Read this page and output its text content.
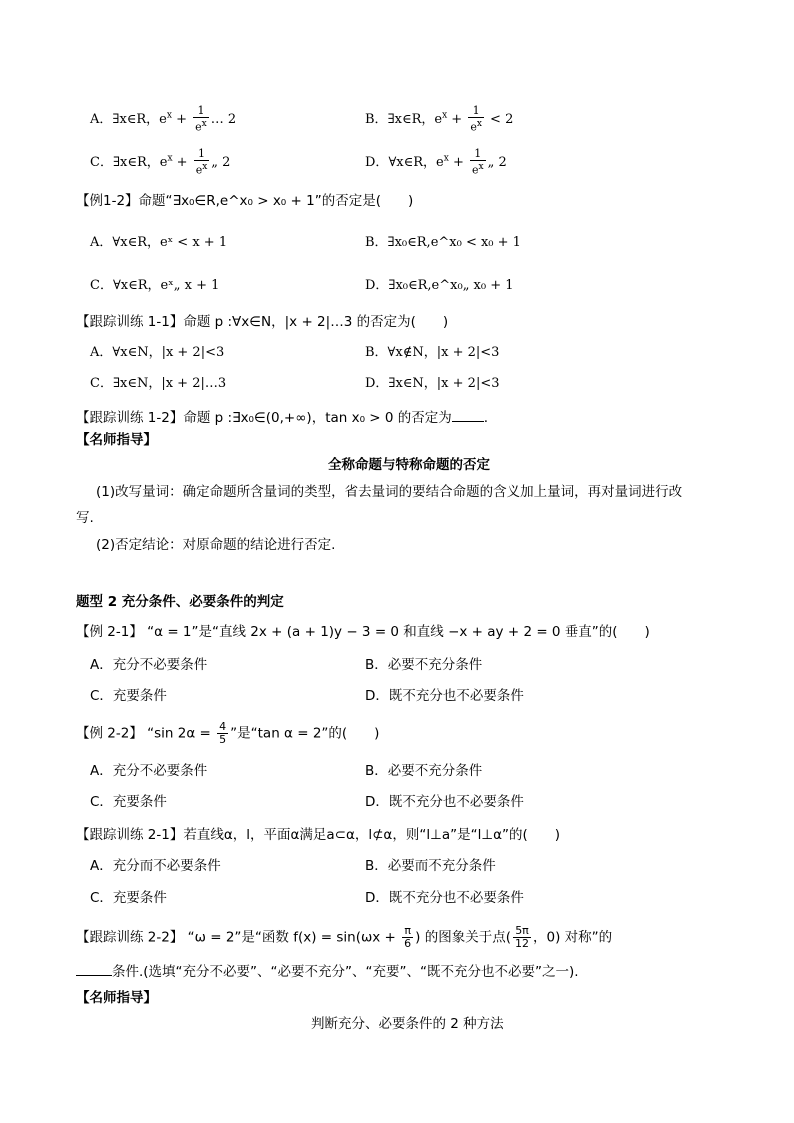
A．∃x∈R，$e^x + \frac{1}{e^x}$ … 2	B．∃x∈R，$e^x + \frac{1}{e^x} < 2$
C．∃x∈R，$e^x + \frac{1}{e^x}$ „ 2	D．∀x∈R，$e^x + \frac{1}{e^x}$ „ 2
【例1-2】命题“∃x₀∈R,e^x₀ > x₀ + 1”的否定是(　　)
A．∀x∈R，eˣ < x + 1	B．∃x₀∈R,e^x₀ < x₀ + 1
C．∀x∈R，eˣ„ x + 1	D．∃x₀∈R,e^x₀„ x₀ + 1
【跟踪训练 1-1】命题 p :∀x∈N，|x + 2|…3 的否定为(　　)
A．∀x∈N，|x + 2|<3	B．∀x∉N，|x + 2|<3
C．∃x∈N，|x + 2|…3	D．∃x∈N，|x + 2|<3
【跟踪训练 1-2】命题 p :∃x₀∈(0,+∞)，tan x₀ > 0 的否定为 .
【名师指导】
全称命题与特称命题的否定
(1)改写量词：确定命题所含量词的类型，省去量词的要结合命题的含义加上量词，再对量词进行改
写.
(2)否定结论：对原命题的结论进行否定.
题型 2 充分条件、必要条件的判定
【例 2-1】 “α = 1”是“直线 2x + (a + 1)y − 3 = 0 和直线 −x + ay + 2 = 0 垂直”的(　　)
A．充分不必要条件	B．必要不充分条件
C．充要条件	D．既不充分也不必要条件
【例 2-2】 “sin $2\alpha = \frac{4}{5}$ ”是“tan α = 2”的(　　)
A．充分不必要条件	B．必要不充分条件
C．充要条件	D．既不充分也不必要条件
【跟踪训练 2-1】若直线α，l，平面α满足a⊂α，l⊄α，则“l⊥a”是“l⊥α”的(　　)
A．充分而不必要条件	B．必要而不充分条件
C．充要条件	D．既不充分也不必要条件
【跟踪训练 2-2】 “ω = 2”是“函数 $f(x) = \sin(\omega x + \frac{\pi}{6}$ ) 的图象关于点( $\frac{5\pi}{12}$ ，0) 对称”的
条件.(选填“充分不必要”、“必要不充分”、“充要”、“既不充分也不必要”之一).
【名师指导】
判断充分、必要条件的 2 种方法
